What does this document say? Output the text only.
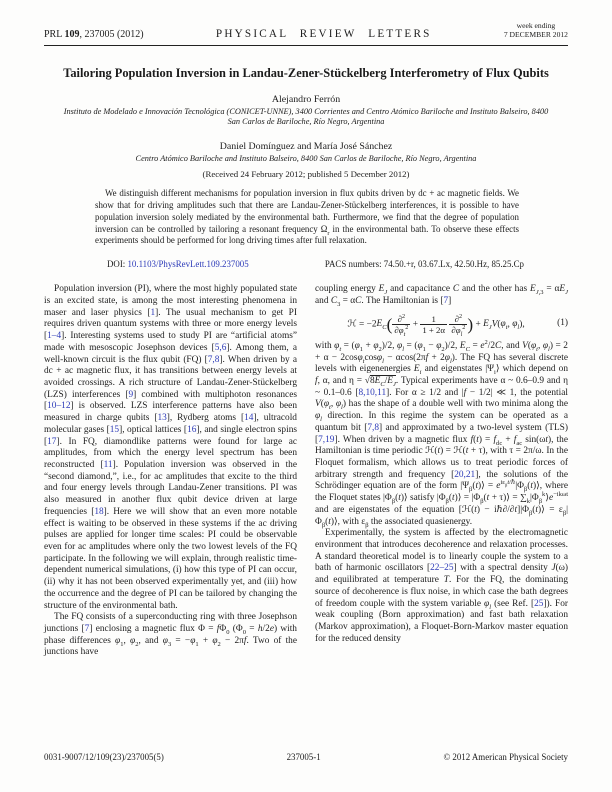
PRL 109, 237005 (2012)	PHYSICAL REVIEW LETTERS
week ending
7 DECEMBER 2012
Tailoring Population Inversion in Landau-Zener-Stückelberg Interferometry of Flux Qubits
Alejandro Ferrón
Instituto de Modelado e Innovación Tecnológica (CONICET-UNNE), 3400 Corrientes and Centro Atómico Bariloche and Instituto Balseiro, 8400 San Carlos de Bariloche, Río Negro, Argentina
Daniel Domínguez and María José Sánchez
Centro Atómico Bariloche and Instituto Balseiro, 8400 San Carlos de Bariloche, Río Negro, Argentina
(Received 24 February 2012; published 5 December 2012)
We distinguish different mechanisms for population inversion in flux qubits driven by dc + ac magnetic fields. We show that for driving amplitudes such that there are Landau-Zener-Stückelberg interferences, it is possible to have population inversion solely mediated by the environmental bath. Furthermore, we find that the degree of population inversion can be controlled by tailoring a resonant frequency $\Omega_r$ in the environmental bath. To observe these effects experiments should be performed for long driving times after full relaxation.
DOI: 10.1103/PhysRevLett.109.237005	PACS numbers: 74.50.+r, 03.67.Lx, 42.50.Hz, 85.25.Cp

Population inversion (PI), where the most highly populated state is an excited state, is among the most interesting phenomena in maser and laser physics [1]. The usual mechanism to get PI requires driven quantum systems with three or more energy levels [1–4]. Interesting systems used to study PI are “artificial atoms” made with mesoscopic Josephson devices [5,6]. Among them, a well-known circuit is the flux qubit (FQ) [7,8]. When driven by a dc + ac magnetic flux, it has transitions between energy levels at avoided crossings. A rich structure of Landau-Zener-Stückelberg (LZS) interferences [9] combined with multiphoton resonances [10–12] is observed. LZS interference patterns have also been measured in charge qubits [13], Rydberg atoms [14], ultracold molecular gases [15], optical lattices [16], and single electron spins [17]. In FQ, diamondlike patterns were found for large ac amplitudes, from which the energy level spectrum has been reconstructed [11]. Population inversion was observed in the “second diamond,”, i.e., for ac amplitudes that excite to the third and four energy levels through Landau-Zener transitions. PI was also measured in another flux qubit device driven at large frequencies [18]. Here we will show that an even more notable effect is waiting to be observed in these systems if the ac driving pulses are applied for longer time scales: PI could be observable even for ac amplitudes where only the two lowest levels of the FQ participate. In the following we will explain, through realistic time-dependent numerical simulations, (i) how this type of PI can occur, (ii) why it has not been observed experimentally yet, and (iii) how the occurrence and the degree of PI can be tailored by changing the structure of the environmental bath.

The FQ consists of a superconducting ring with three Josephson junctions [7] enclosing a magnetic flux $\Phi = f\Phi_0$ $(\Phi_0 = h/2e)$ with phase differences $\varphi_1$, $\varphi_2$, and $\varphi_3 = -\varphi_1 + \varphi_2 - 2\pi f$. Two of the junctions have

coupling energy $E_J$ and capacitance C and the other has $E_{J,3} = \alpha E_J$ and $C_3 = \alpha C$. The Hamiltonian is [7]

ℋ = $-2E_C( \frac{\partial^2}{\partial\varphi_t^2} + \frac{1}{1 + 2\alpha}$
$\frac{\partial^2}{\partial\varphi_l^2}$ ) + $E_JV(\varphi_t$, $\varphi_l$),	(1)

with $\varphi_t = (\varphi_1 + \varphi_2)/2$, $\varphi_l = (\varphi_1 - \varphi_2)/2$, $E_C = e^2/2C$, and $V(\varphi_t$, $\varphi_l) = 2 + \alpha - 2\cos\varphi_t\cos\varphi_l - \alpha\cos(2\pi f + 2\varphi_l)$. The FQ has several discrete levels with eigenenergies $E_i$ and eigenstates $|\Psi_i⟩$ which depend on f, α, and $\eta = √8E_C/E_J$. Typical experiments have α ~ 0.6–0.9 and η ~ 0.1–0.6 [8,10,11]. For α ≥ 1/2 and |f − 1/2| ≪ 1, the potential $V(\varphi_t$, $\varphi_l$) has the shape of a double well with two minima along the $\varphi_l$ direction. In this regime the system can be operated as a quantum bit [7,8] and approximated by a two-level system (TLS) [7,19]. When driven by a magnetic flux $f(t) = f_{dc} + f_{ac}$ sin(ωt), the Hamiltonian is time periodic ℋ(t) = ℋ(t + τ), with τ = 2π/ω. In the Floquet formalism, which allows us to treat periodic forces of arbitrary strength and frequency [20,21], the solutions of the Schrödinger equation are of the form $|\Psi_\beta(t)⟩$ = $e^{i\varepsilon_\beta t/\hbar}|\Phi_\beta(t)⟩$, where the Floquet states $|\Phi_\beta(t)⟩$ satisfy $|\Phi_\beta(t)⟩ = |\Phi_\beta(t$ + τ)⟩ = $\sum_k|\Phi_\beta^k⟩e^{-ik\omega t}$ and are eigenstates of the equation [ℋ(t) − $i\hbar\partial/\partial t]|\Phi_\beta(t)⟩$ = $\varepsilon_\beta|\Phi_\beta(t)⟩$, with $\varepsilon_\beta$ the associated quasienergy.

Experimentally, the system is affected by the electromagnetic environment that introduces decoherence and relaxation processes. A standard theoretical model is to linearly couple the system to a bath of harmonic oscillators [22–25] with a spectral density J(ω) and equilibrated at temperature T. For the FQ, the dominating source of decoherence is flux noise, in which case the bath degrees of freedom couple with the system variable $\varphi_l$ (see Ref. [25]). For weak coupling (Born approximation) and fast bath relaxation (Markov approximation), a Floquet-Born-Markov master equation for the reduced density

0031-9007/12/109(23)/237005(5)	237005-1	© 2012 American Physical Society
